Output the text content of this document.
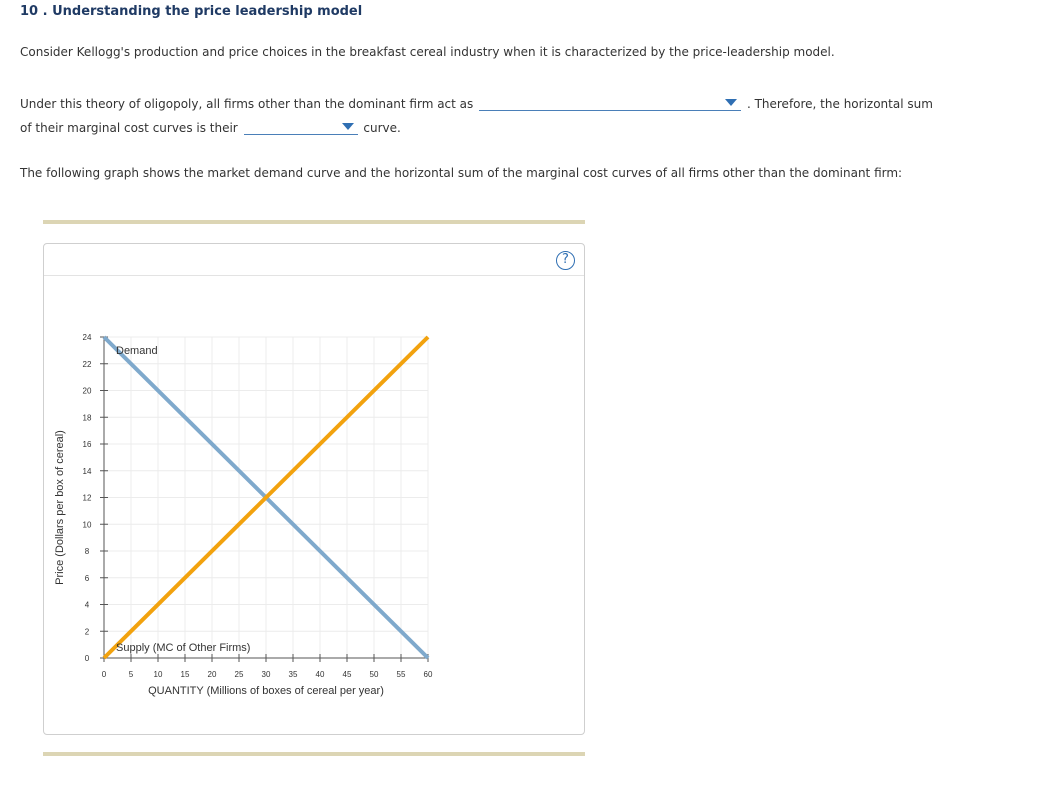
10 . Understanding the price leadership model
Consider Kellogg's production and price choices in the breakfast cereal industry when it is characterized by the price-leadership model.
Under this theory of oligopoly, all firms other than the dominant firm act as	. Therefore, the horizontal sum
of their marginal cost curves is their	curve.
The following graph shows the market demand curve and the horizontal sum of the marginal cost curves of all firms other than the dominant firm:
?
0	5	10 15 20 25 30 35 40 45 50 55 60
0
2
4
6
8
10
12
14
16
18
20
22
24
QUANTITY (Millions of boxes of cereal per year)
Price (Dollars per box of cereal)
Demand
Supply (MC of Other Firms)
